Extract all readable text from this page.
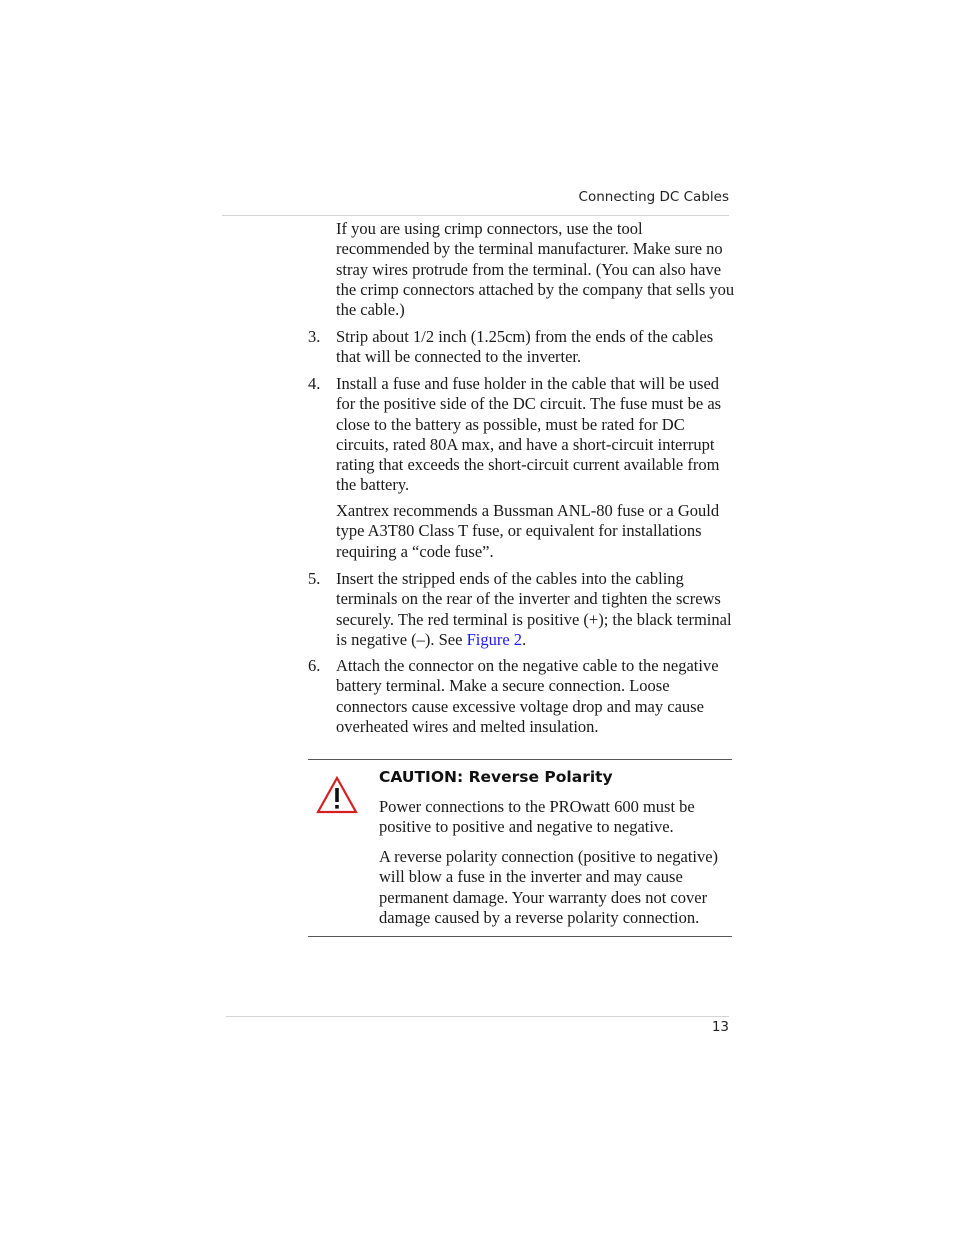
Connecting DC Cables
If you are using crimp connectors, use the tool recommended by the terminal manufacturer. Make sure no stray wires protrude from the terminal. (You can also have the crimp connectors attached by the company that sells you the cable.)
3. Strip about 1/2 inch (1.25cm) from the ends of the cables that will be connected to the inverter.
4. Install a fuse and fuse holder in the cable that will be used for the positive side of the DC circuit. The fuse must be as close to the battery as possible, must be rated for DC circuits, rated 80A max, and have a short-circuit interrupt rating that exceeds the short-circuit current available from the battery.
Xantrex recommends a Bussman ANL-80 fuse or a Gould type A3T80 Class T fuse, or equivalent for installations requiring a “code fuse”.
5. Insert the stripped ends of the cables into the cabling terminals on the rear of the inverter and tighten the screws securely. The red terminal is positive (+); the black terminal is negative (–). See Figure 2.
6. Attach the connector on the negative cable to the negative battery terminal. Make a secure connection. Loose connectors cause excessive voltage drop and may cause overheated wires and melted insulation.
CAUTION: Reverse Polarity
Power connections to the PROwatt 600 must be positive to positive and negative to negative.
A reverse polarity connection (positive to negative) will blow a fuse in the inverter and may cause permanent damage. Your warranty does not cover damage caused by a reverse polarity connection.
13
